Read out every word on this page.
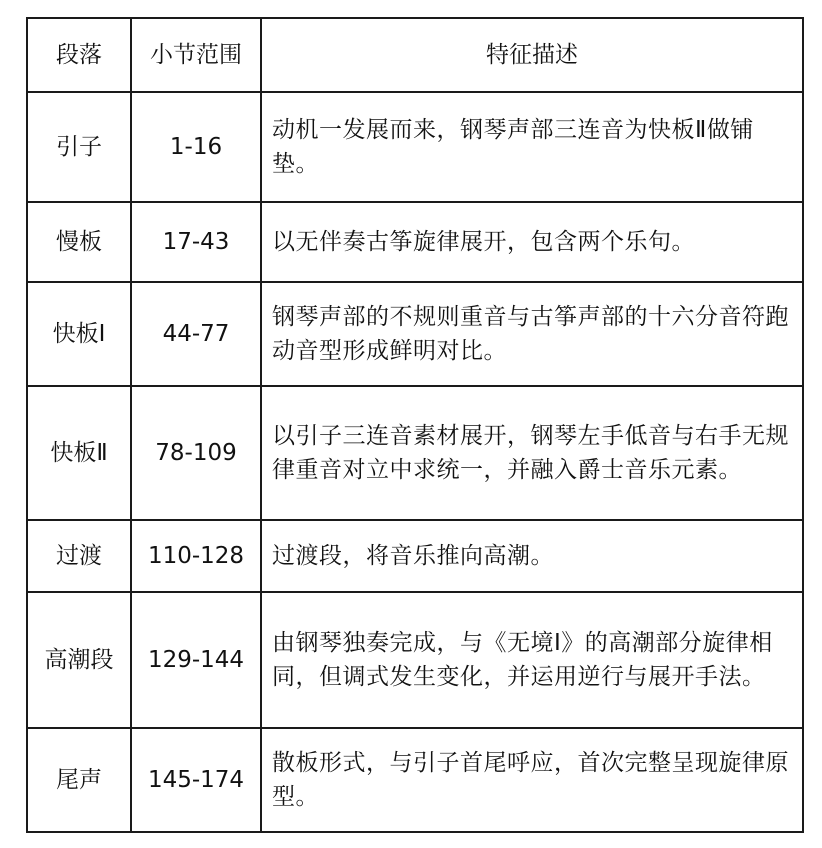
段落	小节范围	特征描述
引子	1-16	动机一发展而来，钢琴声部三连音为快板Ⅱ做铺垫。
慢板	17-43	以无伴奏古筝旋律展开，包含两个乐句。
快板Ⅰ	44-77	钢琴声部的不规则重音与古筝声部的十六分音符跑动音型形成鲜明对比。
快板Ⅱ	78-109	以引子三连音素材展开，钢琴左手低音与右手无规律重音对立中求统一，并融入爵士音乐元素。
过渡	110-128	过渡段，将音乐推向高潮。
高潮段	129-144	由钢琴独奏完成，与《无境Ⅰ》的高潮部分旋律相同，但调式发生变化，并运用逆行与展开手法。
尾声	145-174	散板形式，与引子首尾呼应，首次完整呈现旋律原型。
